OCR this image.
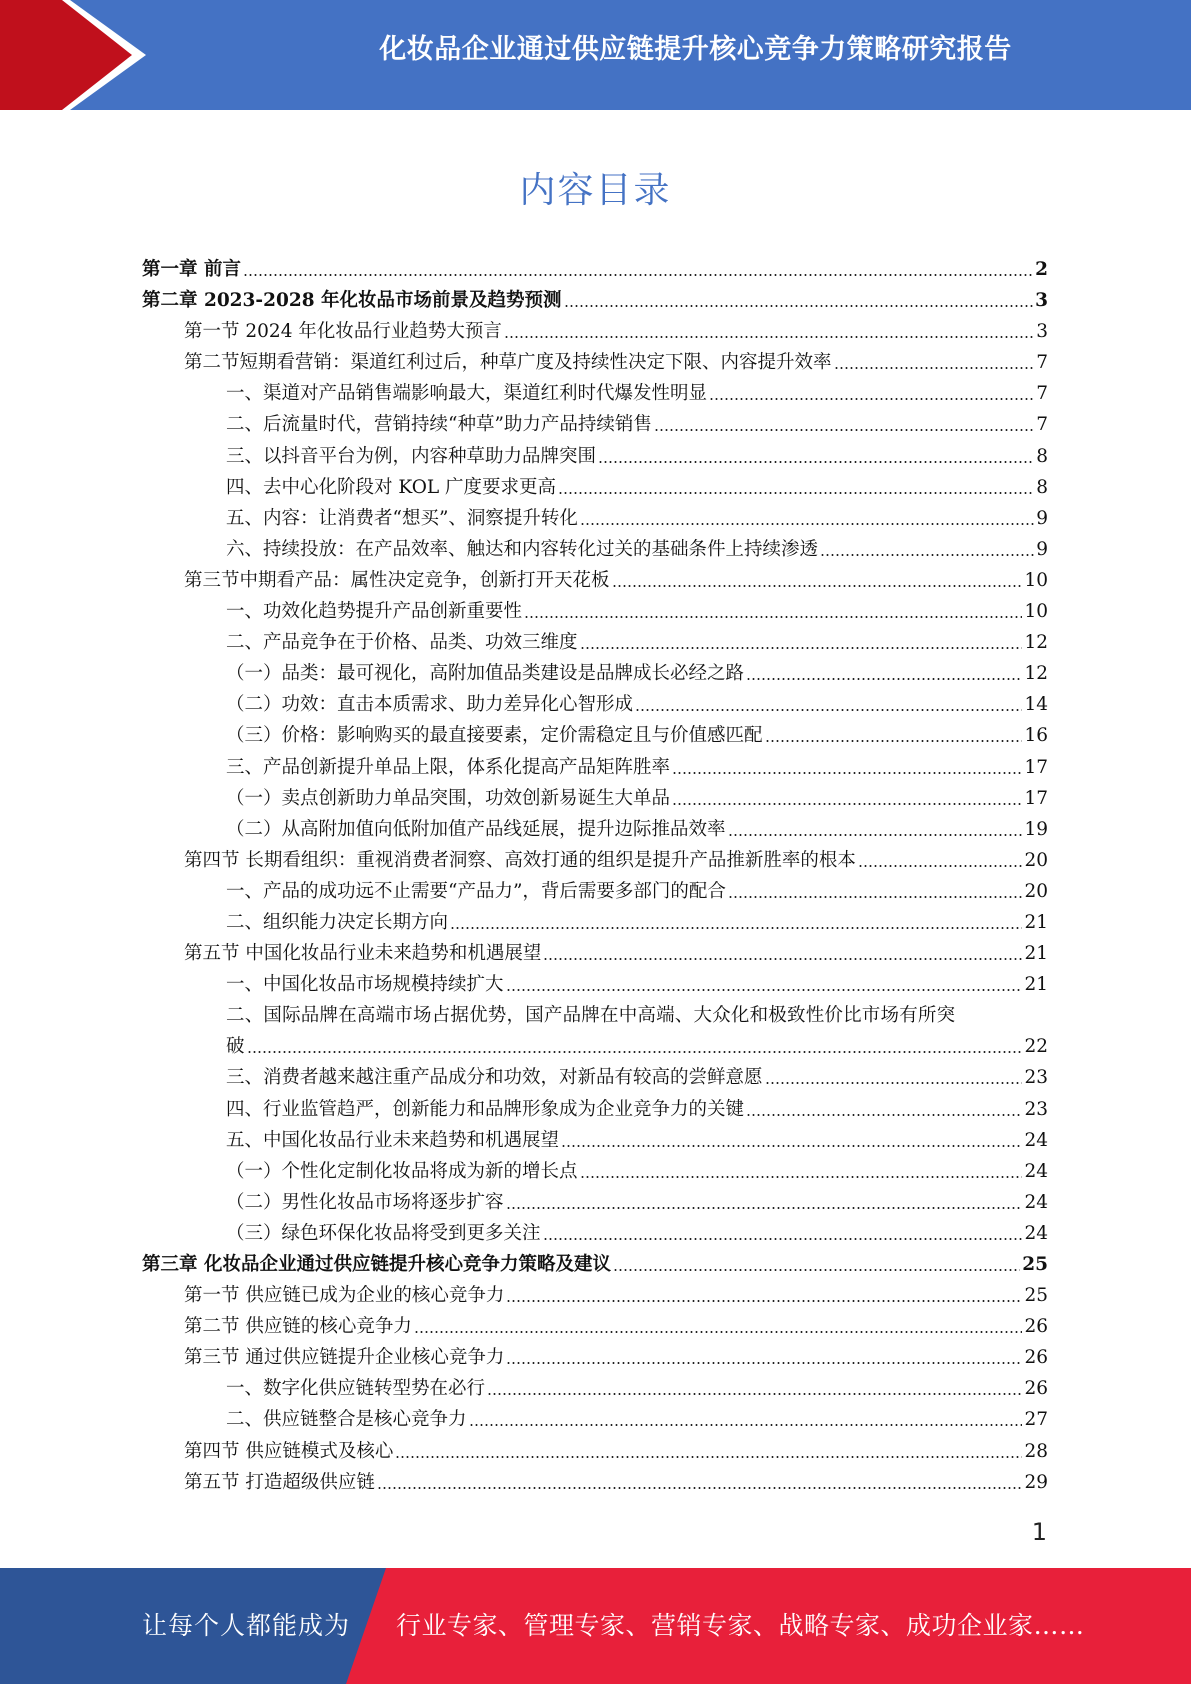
化妆品企业通过供应链提升核心竞争力策略研究报告
内容目录
第一章 前言	2
第二章 2023-2028 年化妆品市场前景及趋势预测	3
第一节 2024 年化妆品行业趋势大预言	3
第二节短期看营销：渠道红利过后，种草广度及持续性决定下限、内容提升效率	7
一、渠道对产品销售端影响最大，渠道红利时代爆发性明显	7
二、后流量时代，营销持续“种草”助力产品持续销售	7
三、以抖音平台为例，内容种草助力品牌突围	8
四、去中心化阶段对 KOL 广度要求更高	8
五、内容：让消费者“想买”、洞察提升转化	9
六、持续投放：在产品效率、触达和内容转化过关的基础条件上持续渗透	9
第三节中期看产品：属性决定竞争，创新打开天花板	10
一、功效化趋势提升产品创新重要性	10
二、产品竞争在于价格、品类、功效三维度	12
（一）品类：最可视化，高附加值品类建设是品牌成长必经之路	12
（二）功效：直击本质需求、助力差异化心智形成	14
（三）价格：影响购买的最直接要素，定价需稳定且与价值感匹配	16
三、产品创新提升单品上限，体系化提高产品矩阵胜率	17
（一）卖点创新助力单品突围，功效创新易诞生大单品	17
（二）从高附加值向低附加值产品线延展，提升边际推品效率	19
第四节 长期看组织：重视消费者洞察、高效打通的组织是提升产品推新胜率的根本	20
一、产品的成功远不止需要“产品力”，背后需要多部门的配合	20
二、组织能力决定长期方向	21
第五节 中国化妆品行业未来趋势和机遇展望	21
一、中国化妆品市场规模持续扩大	21
二、国际品牌在高端市场占据优势，国产品牌在中高端、大众化和极致性价比市场有所突
破	22
三、消费者越来越注重产品成分和功效，对新品有较高的尝鲜意愿	23
四、行业监管趋严，创新能力和品牌形象成为企业竞争力的关键	23
五、中国化妆品行业未来趋势和机遇展望	24
（一）个性化定制化妆品将成为新的增长点	24
（二）男性化妆品市场将逐步扩容	24
（三）绿色环保化妆品将受到更多关注	24
第三章 化妆品企业通过供应链提升核心竞争力策略及建议	25
第一节 供应链已成为企业的核心竞争力	25
第二节 供应链的核心竞争力	26
第三节 通过供应链提升企业核心竞争力	26
一、数字化供应链转型势在必行	26
二、供应链整合是核心竞争力	27
第四节 供应链模式及核心	28
第五节 打造超级供应链	29
1
让每个人都能成为 行业专家、管理专家、营销专家、战略专家、成功企业家……
